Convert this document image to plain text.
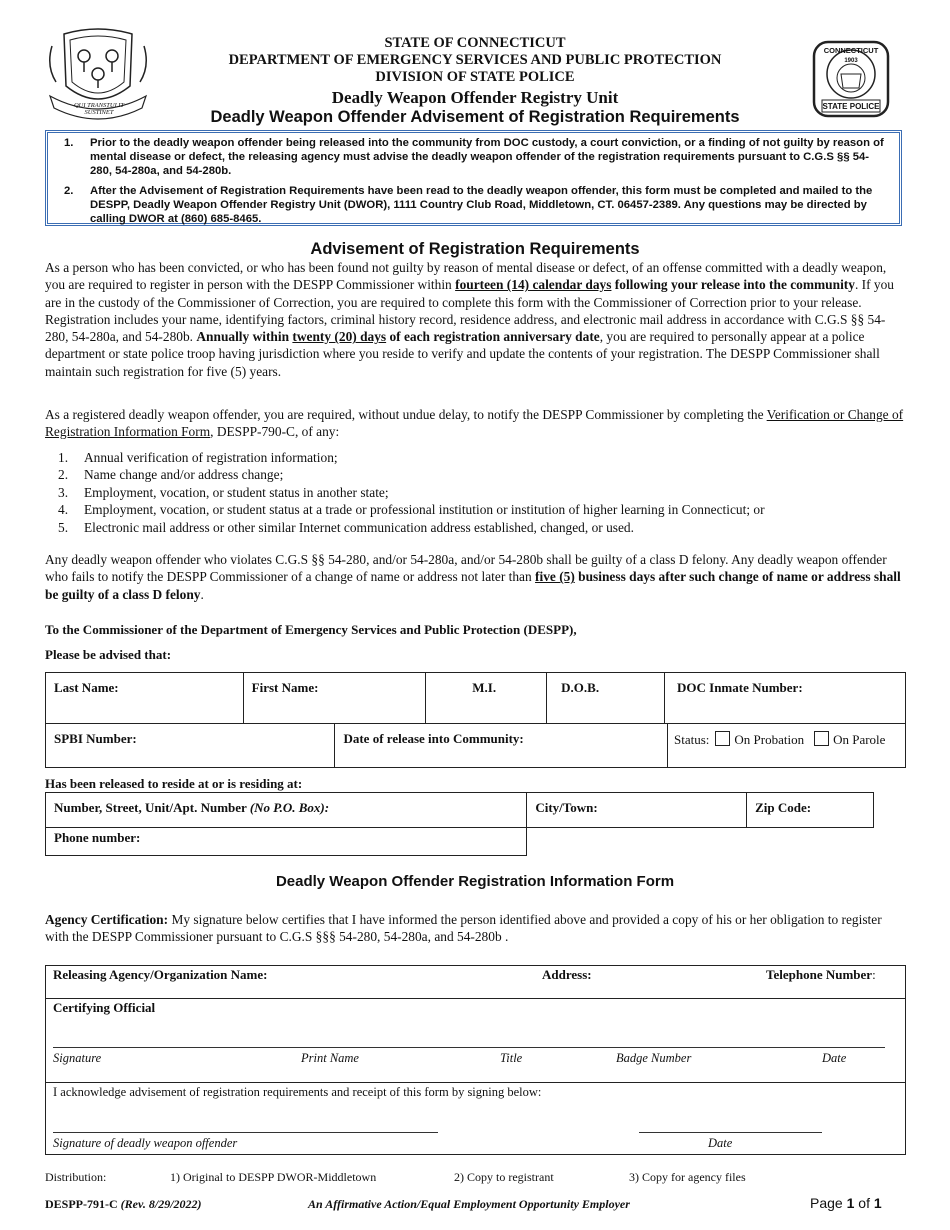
QUI TRANSTULIT SUSTINET
STATE OF CONNECTICUT
DEPARTMENT OF EMERGENCY SERVICES AND PUBLIC PROTECTION
DIVISION OF STATE POLICE
Deadly Weapon Offender Registry Unit
Deadly Weapon Offender Advisement of Registration Requirements
CONNECTICUT
1903
STATE POLICE
1. Prior to the deadly weapon offender being released into the community from DOC custody, a court conviction, or a finding of not guilty by reason of mental disease or defect, the releasing agency must advise the deadly weapon offender of the registration requirements pursuant to C.G.S §§ 54-280, 54-280a, and 54-280b.
2. After the Advisement of Registration Requirements have been read to the deadly weapon offender, this form must be completed and mailed to the DESPP, Deadly Weapon Offender Registry Unit (DWOR), 1111 Country Club Road, Middletown, CT. 06457-2389. Any questions may be directed by calling DWOR at (860) 685-8465.
Advisement of Registration Requirements
As a person who has been convicted, or who has been found not guilty by reason of mental disease or defect, of an offense committed with a deadly weapon, you are required to register in person with the DESPP Commissioner within fourteen (14) calendar days following your release into the community. If you are in the custody of the Commissioner of Correction, you are required to complete this form with the Commissioner of Correction prior to your release. Registration includes your name, identifying factors, criminal history record, residence address, and electronic mail address in accordance with C.G.S §§ 54-280, 54-280a, and 54-280b. Annually within twenty (20) days of each registration anniversary date, you are required to personally appear at a police department or state police troop having jurisdiction where you reside to verify and update the contents of your registration. The DESPP Commissioner shall maintain such registration for five (5) years.
As a registered deadly weapon offender, you are required, without undue delay, to notify the DESPP Commissioner by completing the Verification or Change of Registration Information Form, DESPP-790-C, of any:
1. Annual verification of registration information;
2. Name change and/or address change;
3. Employment, vocation, or student status in another state;
4. Employment, vocation, or student status at a trade or professional institution or institution of higher learning in Connecticut; or
5. Electronic mail address or other similar Internet communication address established, changed, or used.
Any deadly weapon offender who violates C.G.S §§ 54-280, and/or 54-280a, and/or 54-280b shall be guilty of a class D felony. Any deadly weapon offender who fails to notify the DESPP Commissioner of a change of name or address not later than five (5) business days after such change of name or address shall be guilty of a class D felony.
To the Commissioner of the Department of Emergency Services and Public Protection (DESPP),
Please be advised that:
Last Name:	First Name:		M.I.	D.O.B.	DOC Inmate Number:	
SPBI Number:		Date of release into Community:				Status: On Probation On Parole
Has been released to reside at or is residing at:
Number, Street, Unit/Apt. Number (No P.O. Box):	City/Town:	Zip Code:
Phone number:		
Deadly Weapon Offender Registration Information Form
Agency Certification: My signature below certifies that I have informed the person identified above and provided a copy of his or her obligation to register with the DESPP Commissioner pursuant to C.G.S §§§ 54-280, 54-280a, and 54-280b .
Releasing Agency/Organization Name:	Address:	Telephone Number:
Certifying Official
Signature	Print Name	Title	Badge Number	Date
I acknowledge advisement of registration requirements and receipt of this form by signing below:
Signature of deadly weapon offender	Date
Distribution:	1) Original to DESPP DWOR-Middletown	2) Copy to registrant	3) Copy for agency files
DESPP-791-C (Rev. 8/29/2022)	An Affirmative Action/Equal Employment Opportunity Employer	Page 1 of 1
